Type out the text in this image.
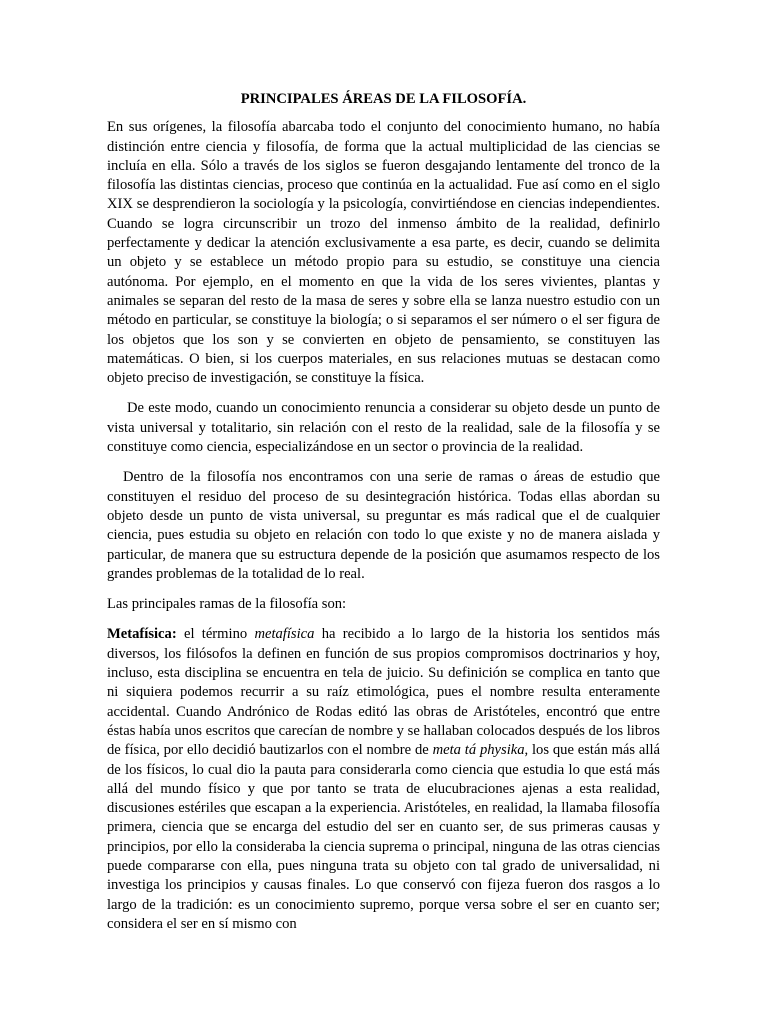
PRINCIPALES ÁREAS DE LA FILOSOFÍA.

En sus orígenes, la filosofía abarcaba todo el conjunto del conocimiento humano, no había distinción entre ciencia y filosofía, de forma que la actual multiplicidad de las ciencias se incluía en ella. Sólo a través de los siglos se fueron desgajando lentamente del tronco de la filosofía las distintas ciencias, proceso que continúa en la actualidad. Fue así como en el siglo XIX se desprendieron la sociología y la psicología, convirtiéndose en ciencias independientes. Cuando se logra circunscribir un trozo del inmenso ámbito de la realidad, definirlo perfectamente y dedicar la atención exclusivamente a esa parte, es decir, cuando se delimita un objeto y se establece un método propio para su estudio, se constituye una ciencia autónoma. Por ejemplo, en el momento en que la vida de los seres vivientes, plantas y animales se separan del resto de la masa de seres y sobre ella se lanza nuestro estudio con un método en particular, se constituye la biología; o si separamos el ser número o el ser figura de los objetos que los son y se convierten en objeto de pensamiento, se constituyen las matemáticas. O bien, si los cuerpos materiales, en sus relaciones mutuas se destacan como objeto preciso de investigación, se constituye la física.

De este modo, cuando un conocimiento renuncia a considerar su objeto desde un punto de vista universal y totalitario, sin relación con el resto de la realidad, sale de la filosofía y se constituye como ciencia, especializándose en un sector o provincia de la realidad.

Dentro de la filosofía nos encontramos con una serie de ramas o áreas de estudio que constituyen el residuo del proceso de su desintegración histórica. Todas ellas abordan su objeto desde un punto de vista universal, su preguntar es más radical que el de cualquier ciencia, pues estudia su objeto en relación con todo lo que existe y no de manera aislada y particular, de manera que su estructura depende de la posición que asumamos respecto de los grandes problemas de la totalidad de lo real.

Las principales ramas de la filosofía son:

Metafísica: el término metafísica ha recibido a lo largo de la historia los sentidos más diversos, los filósofos la definen en función de sus propios compromisos doctrinarios y hoy, incluso, esta disciplina se encuentra en tela de juicio. Su definición se complica en tanto que ni siquiera podemos recurrir a su raíz etimológica, pues el nombre resulta enteramente accidental. Cuando Andrónico de Rodas editó las obras de Aristóteles, encontró que entre éstas había unos escritos que carecían de nombre y se hallaban colocados después de los libros de física, por ello decidió bautizarlos con el nombre de meta tá physika, los que están más allá de los físicos, lo cual dio la pauta para considerarla como ciencia que estudia lo que está más allá del mundo físico y que por tanto se trata de elucubraciones ajenas a esta realidad, discusiones estériles que escapan a la experiencia. Aristóteles, en realidad, la llamaba filosofía primera, ciencia que se encarga del estudio del ser en cuanto ser, de sus primeras causas y principios, por ello la consideraba la ciencia suprema o principal, ninguna de las otras ciencias puede compararse con ella, pues ninguna trata su objeto con tal grado de universalidad, ni investiga los principios y causas finales. Lo que conservó con fijeza fueron dos rasgos a lo largo de la tradición: es un conocimiento supremo, porque versa sobre el ser en cuanto ser; considera el ser en sí mismo con
